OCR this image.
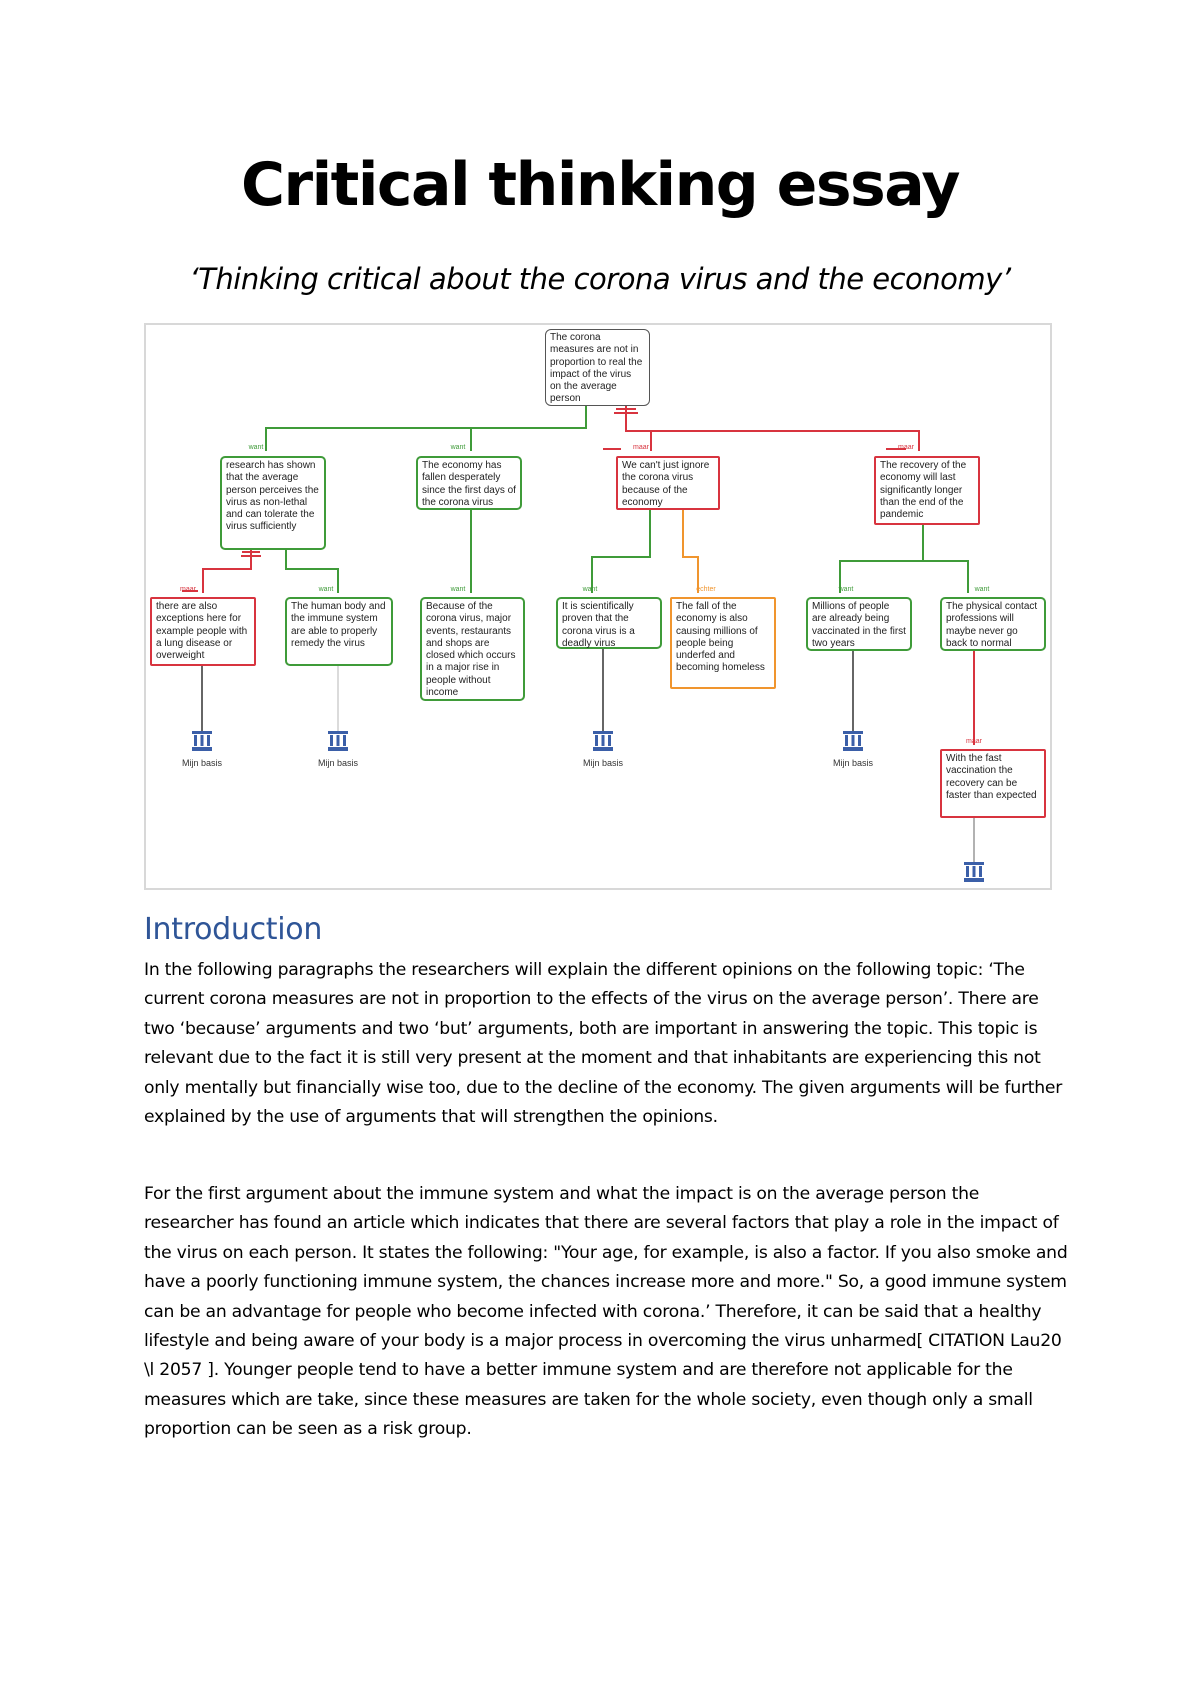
Critical thinking essay

‘Thinking critical about the corona virus and the economy’

want	want	maar	maar
maar	want	want	want	echter	want	want
maar
The corona measures are not in proportion to real the impact of the virus on the average person
research has shown that the average person perceives the virus as non-lethal and can tolerate the virus sufficiently
The economy has fallen desperately since the first days of the corona virus
We can't just ignore the corona virus because of the economy
The recovery of the economy will last significantly longer than the end of the pandemic
there are also exceptions here for example people with a lung disease or overweight
The human body and the immune system are able to properly remedy the virus
Because of the corona virus, major events, restaurants and shops are closed which occurs in a major rise in people without income
It is scientifically proven that the corona virus is a deadly virus
The fall of the economy is also causing millions of people being underfed and becoming homeless
Millions of people are already being vaccinated in the first two years
The physical contact professions will maybe never go back to normal
With the fast vaccination the recovery can be faster than expected
Mijn basis	Mijn basis	Mijn basis	Mijn basis
Introduction

In the following paragraphs the researchers will explain the different opinions on the following topic: ‘The current corona measures are not in proportion to the effects of the virus on the average person’. There are two ‘because’ arguments and two ‘but’ arguments, both are important in answering the topic. This topic is relevant due to the fact it is still very present at the moment and that inhabitants are experiencing this not only mentally but financially wise too, due to the decline of the economy. The given arguments will be further explained by the use of arguments that will strengthen the opinions.

For the first argument about the immune system and what the impact is on the average person the researcher has found an article which indicates that there are several factors that play a role in the impact of the virus on each person. It states the following: "Your age, for example, is also a factor. If you also smoke and have a poorly functioning immune system, the chances increase more and more." So, a good immune system can be an advantage for people who become infected with corona.’ Therefore, it can be said that a healthy lifestyle and being aware of your body is a major process in overcoming the virus unharmed[ CITATION Lau20 \l 2057 ]. Younger people tend to have a better immune system and are therefore not applicable for the measures which are take, since these measures are taken for the whole society, even though only a small proportion can be seen as a risk group.
